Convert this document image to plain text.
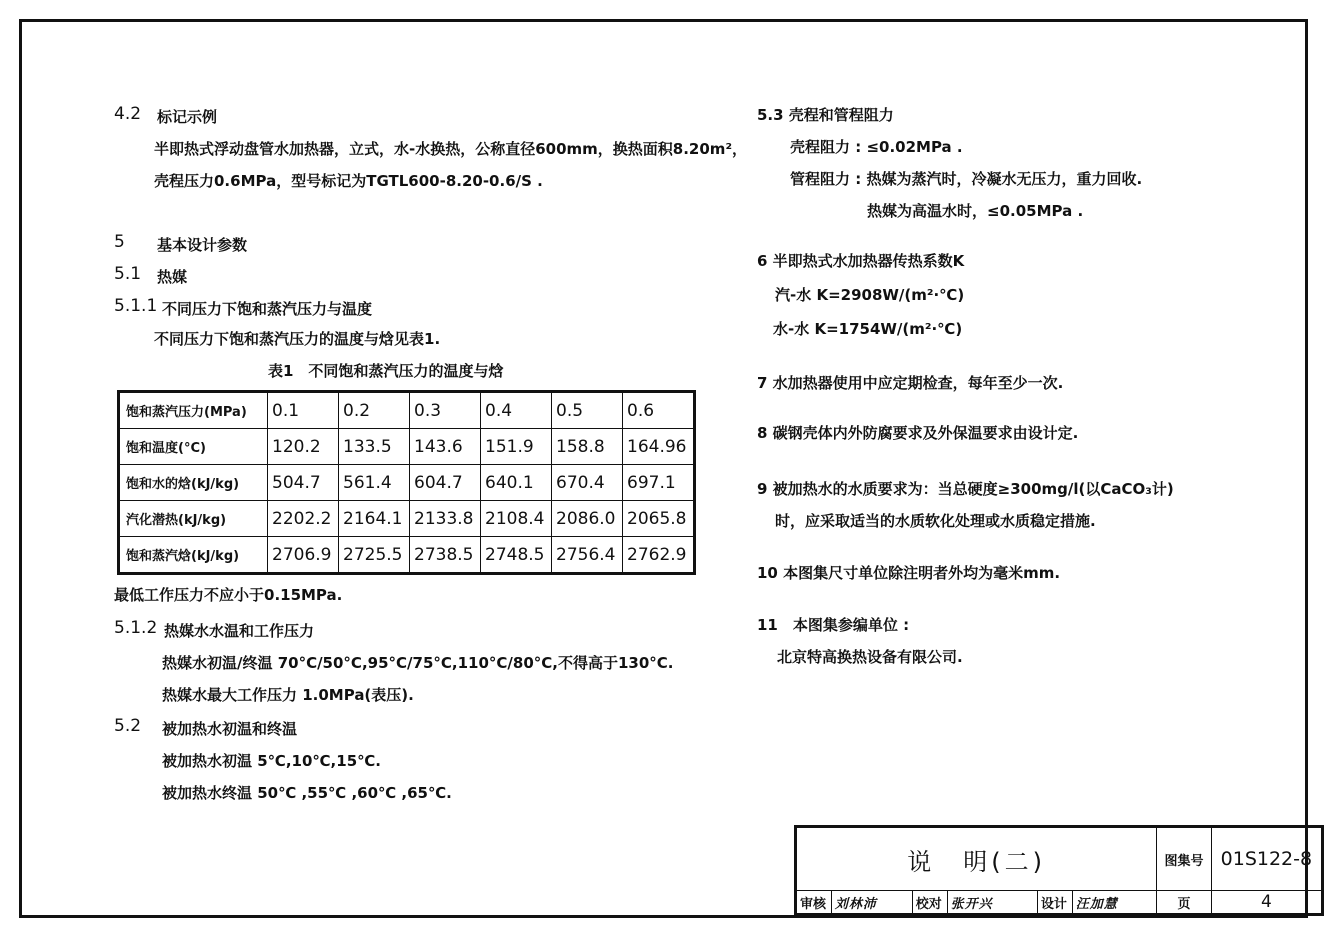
4.2 标记示例
半即热式浮动盘管水加热器，立式，水-水换热，公称直径600mm，换热面积8.20m²，
壳程压力0.6MPa，型号标记为TGTL600-8.20-0.6/S .
5 基本设计参数
5.1 热媒
5.1.1 不同压力下饱和蒸汽压力与温度
不同压力下饱和蒸汽压力的温度与焓见表1.
表1　不同饱和蒸汽压力的温度与焓
饱和蒸汽压力(MPa)	0.1	0.2	0.3	0.4	0.5	0.6
饱和温度(°C)	120.2	133.5	143.6	151.9	158.8	164.96
饱和水的焓(kJ/kg)	504.7	561.4	604.7	640.1	670.4	697.1
汽化潜热(kJ/kg)	2202.2	2164.1	2133.8	2108.4	2086.0	2065.8
饱和蒸汽焓(kJ/kg)	2706.9	2725.5	2738.5	2748.5	2756.4	2762.9
最低工作压力不应小于0.15MPa.
5.1.2 热媒水水温和工作压力
热媒水初温/终温 70°C/50°C,95°C/75°C,110°C/80°C,不得高于130°C.
热媒水最大工作压力 1.0MPa(表压).
5.2 被加热水初温和终温
被加热水初温 5℃,10℃,15℃.
被加热水终温 50℃ ,55℃ ,60℃ ,65℃.
5.3 壳程和管程阻力
壳程阻力 : ≤0.02MPa .
管程阻力 : 热媒为蒸汽时，冷凝水无压力，重力回收.
热媒为高温水时，≤0.05MPa .
6 半即热式水加热器传热系数K
汽-水 K=2908W/(m²·℃)
水-水 K=1754W/(m²·℃)
7 水加热器使用中应定期检查，每年至少一次.
8 碳钢壳体内外防腐要求及外保温要求由设计定.
9 被加热水的水质要求为：当总硬度≥300mg/l(以CaCO₃计)
时，应采取适当的水质软化处理或水质稳定措施.
10 本图集尺寸单位除注明者外均为毫米mm.
11　本图集参编单位 :
北京特高换热设备有限公司.
说　明(二)						图集号	01S122-8
审核	刘林沛	校对	张开兴	设计	汪加慧	页	4
